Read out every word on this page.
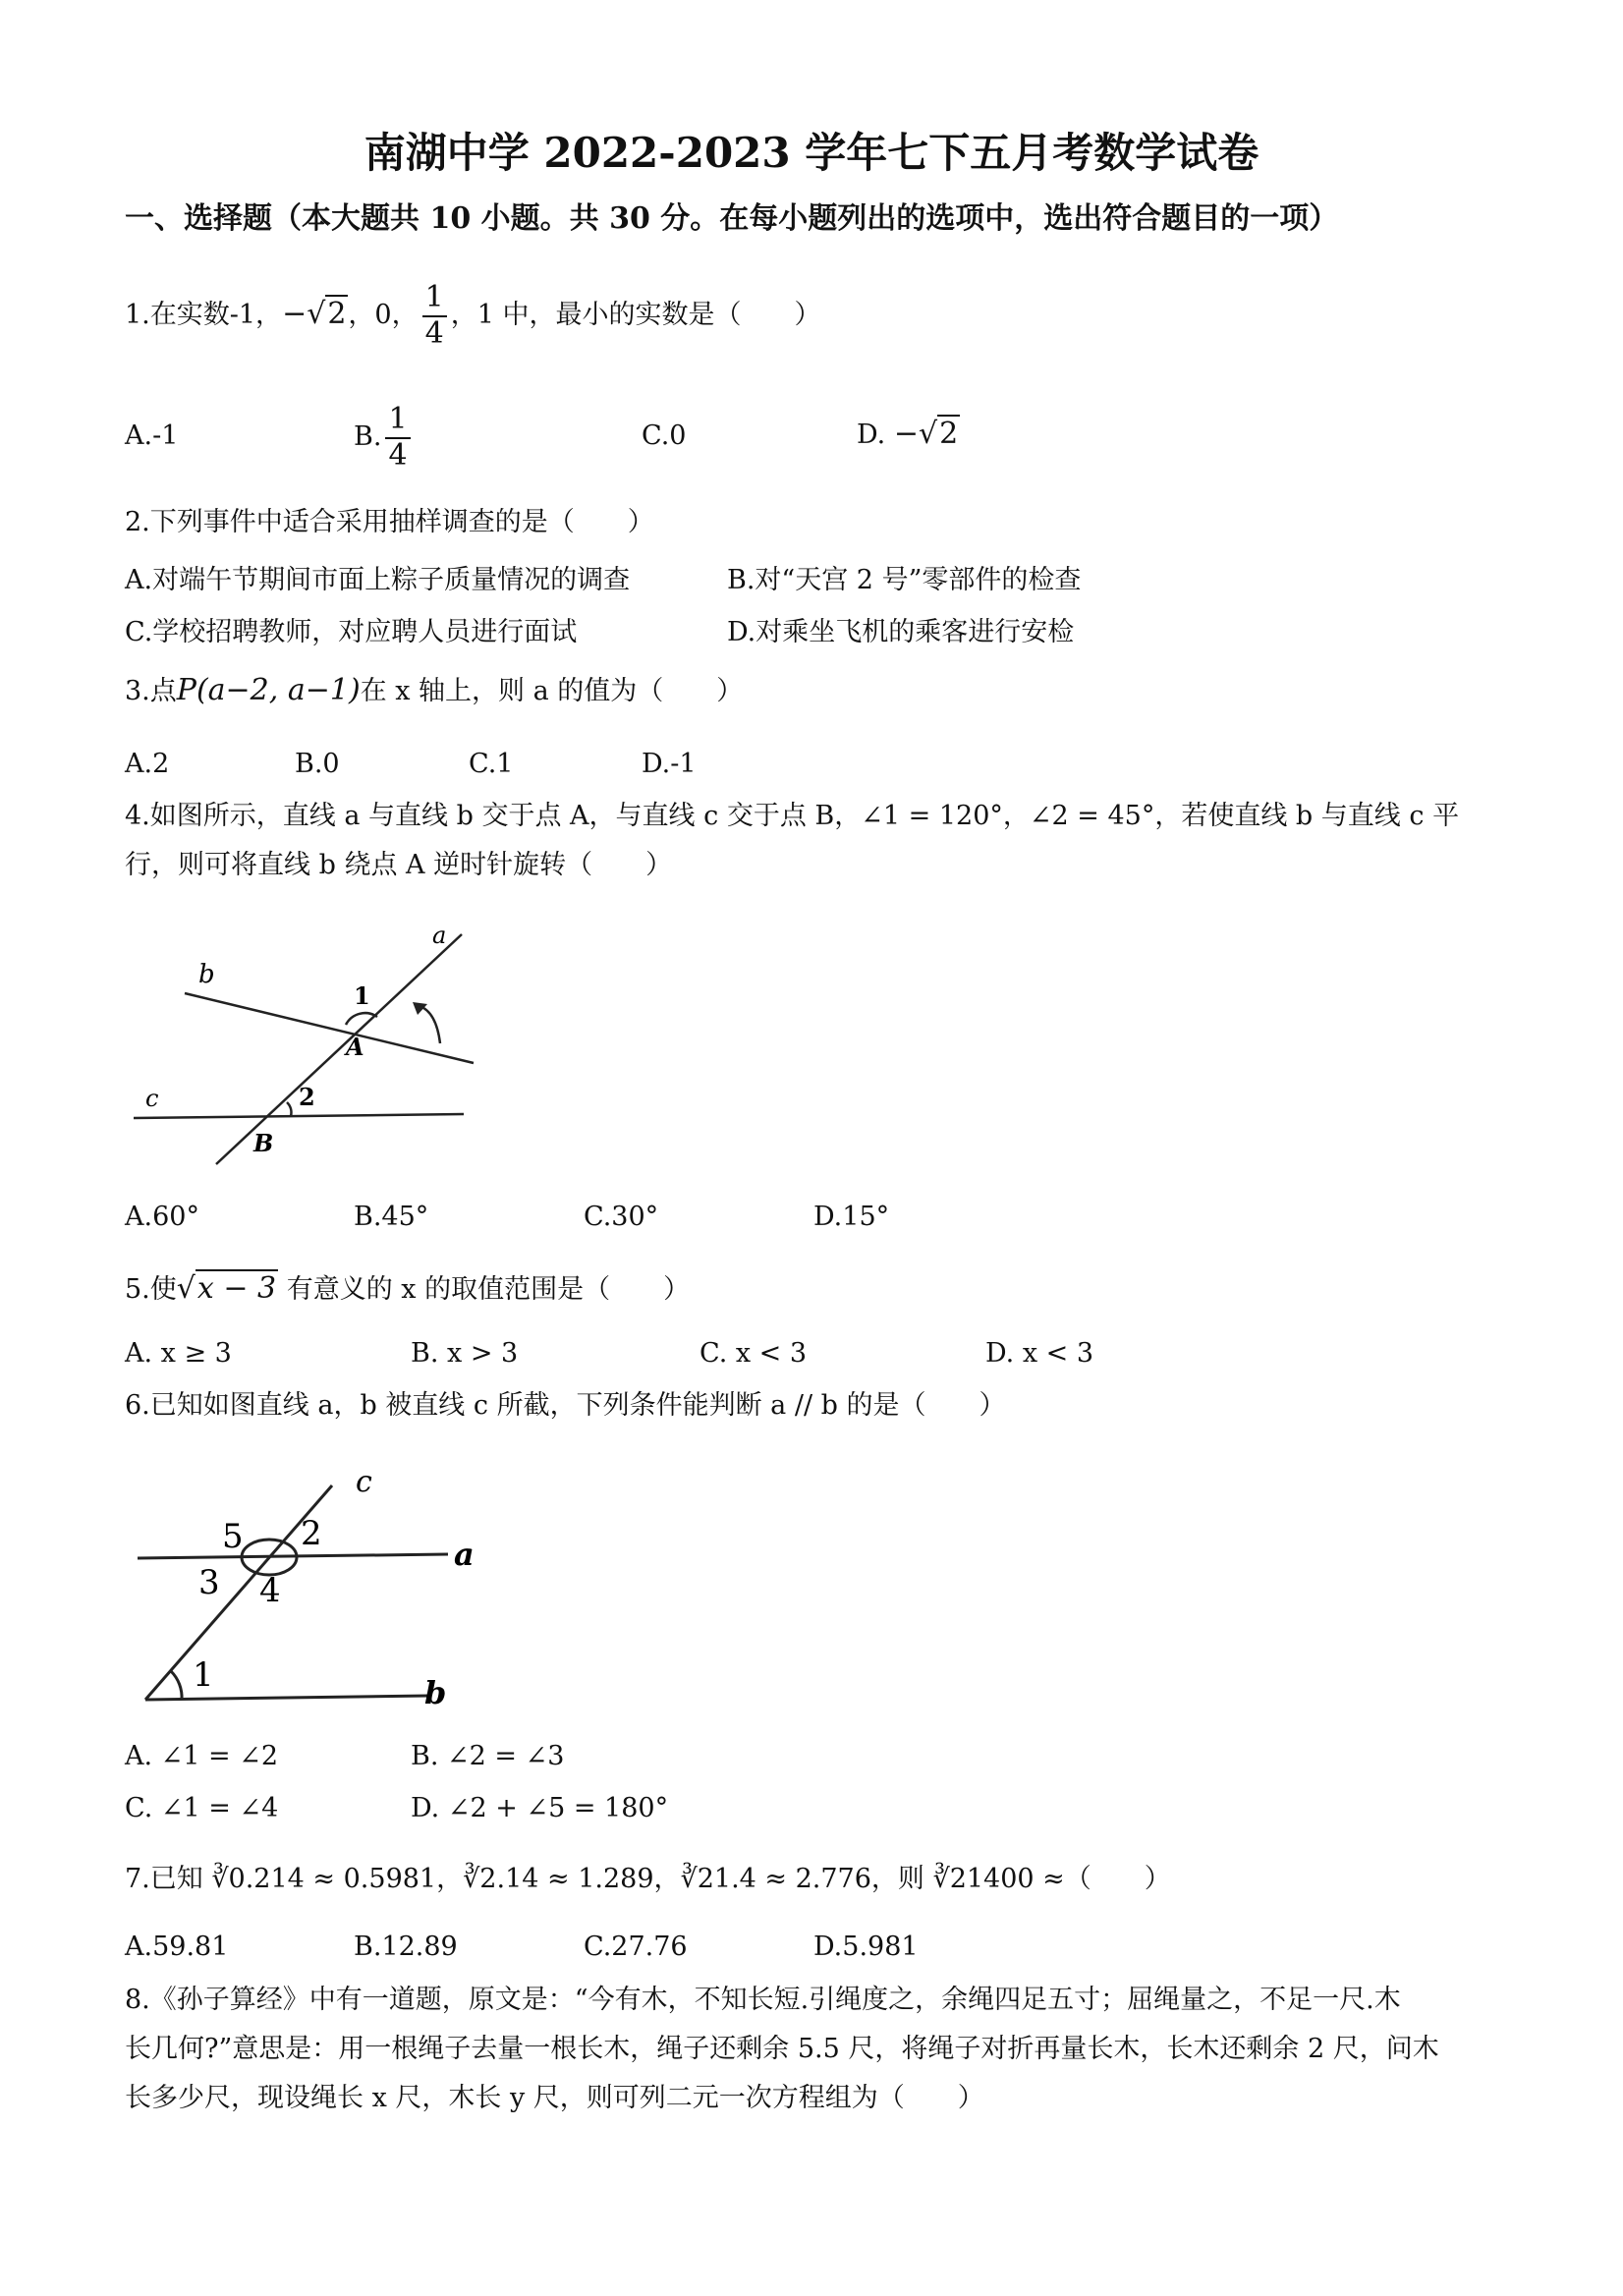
南湖中学 2022-2023 学年七下五月考数学试卷
一、选择题（本大题共 10 小题。共 30 分。在每小题列出的选项中，选出符合题目的一项）
1.在实数-1，−√2，0， $\frac{1}{4}$ ，1 中，最小的实数是（　　）
A.-1	B. $\frac{1}{4}$	C.0	D. −√2
2.下列事件中适合采用抽样调查的是（　　）
A.对端午节期间市面上粽子质量情况的调查	B.对“天宫 2 号”零部件的检查
C.学校招聘教师，对应聘人员进行面试	D.对乘坐飞机的乘客进行安检
3.点P(a−2, a−1)在 x 轴上，则 a 的值为（　　）
A.2	B.0	C.1	D.-1
4.如图所示，直线 a 与直线 b 交于点 A，与直线 c 交于点 B，∠1 = 120°，∠2 = 45°，若使直线 b 与直线 c 平
行，则可将直线 b 绕点 A 逆时针旋转（　　）
b
a
c
A
B
1
2
A.60°	B.45°	C.30°	D.15°
5.使√x − 3 有意义的 x 的取值范围是（　　）
A. x ≥ 3	B. x > 3	C. x < 3	D. x < 3
6.已知如图直线 a，b 被直线 c 所截，下列条件能判断 a // b 的是（　　）
c
a
b
5 2
3 4
1
A. ∠1 = ∠2	B. ∠2 = ∠3
C. ∠1 = ∠4	D. ∠2 + ∠5 = 180°
7.已知 ∛0.214 ≈ 0.5981，∛2.14 ≈ 1.289，∛21.4 ≈ 2.776，则 ∛21400 ≈（　　）
A.59.81	B.12.89	C.27.76	D.5.981
8.《孙子算经》中有一道题，原文是：“今有木，不知长短.引绳度之，余绳四足五寸；屈绳量之，不足一尺.木
长几何?”意思是：用一根绳子去量一根长木，绳子还剩余 5.5 尺，将绳子对折再量长木，长木还剩余 2 尺，问木
长多少尺，现设绳长 x 尺，木长 y 尺，则可列二元一次方程组为（　　）
